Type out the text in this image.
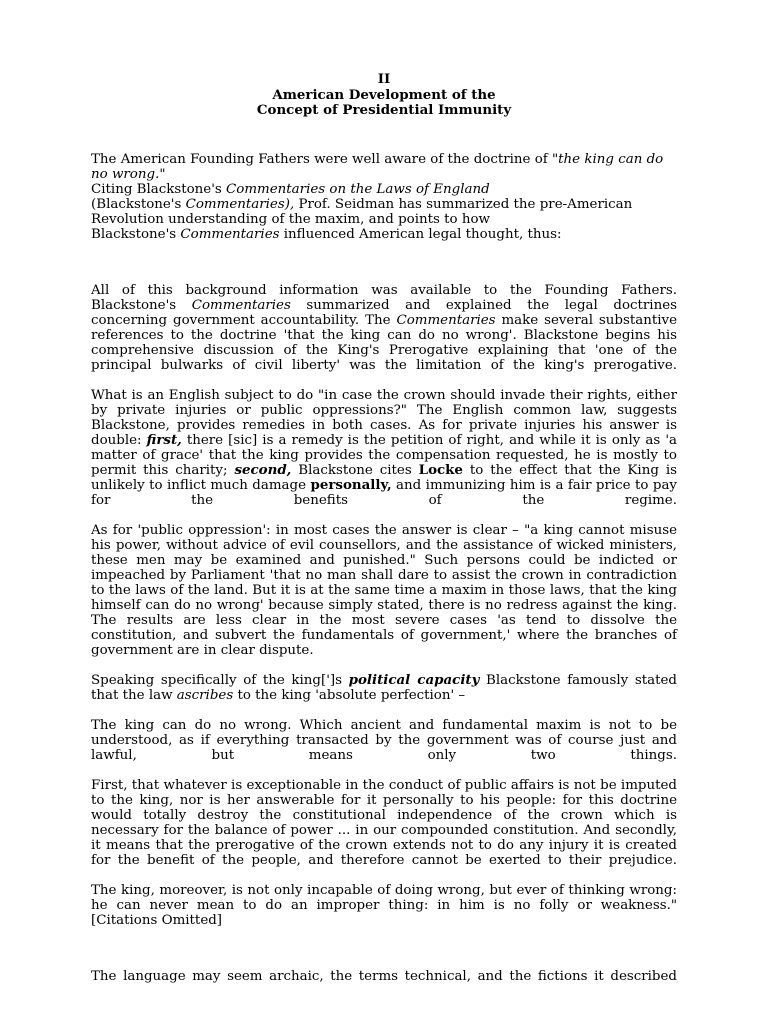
II
American Development of the
Concept of Presidential Immunity
The American Founding Fathers were well aware of the doctrine of "the king can do no wrong."
Citing Blackstone's Commentaries on the Laws of England
(Blackstone's Commentaries), Prof. Seidman has summarized the pre-American Revolution understanding of the maxim, and points to how
Blackstone's Commentaries influenced American legal thought, thus:
All of this background information was available to the Founding Fathers. Blackstone's Commentaries summarized and explained the legal doctrines concerning government accountability. The Commentaries make several substantive references to the doctrine 'that the king can do no wrong'. Blackstone begins his comprehensive discussion of the King's Prerogative explaining that 'one of the principal bulwarks of civil liberty' was the limitation of the king's prerogative.
What is an English subject to do "in case the crown should invade their rights, either by private injuries or public oppressions?" The English common law, suggests Blackstone, provides remedies in both cases. As for private injuries his answer is double: first, there [sic] is a remedy is the petition of right, and while it is only as 'a matter of grace' that the king provides the compensation requested, he is mostly to permit this charity; second, Blackstone cites Locke to the effect that the King is unlikely to inflict much damage personally, and immunizing him is a fair price to pay for the benefits of the regime.
As for 'public oppression': in most cases the answer is clear – "a king cannot misuse his power, without advice of evil counsellors, and the assistance of wicked ministers, these men may be examined and punished." Such persons could be indicted or impeached by Parliament 'that no man shall dare to assist the crown in contradiction to the laws of the land. But it is at the same time a maxim in those laws, that the king himself can do no wrong' because simply stated, there is no redress against the king. The results are less clear in the most severe cases 'as tend to dissolve the constitution, and subvert the fundamentals of government,' where the branches of government are in clear dispute.
Speaking specifically of the king[']s political capacity Blackstone famously stated that the law ascribes to the king 'absolute perfection' –
The king can do no wrong. Which ancient and fundamental maxim is not to be understood, as if everything transacted by the government was of course just and lawful, but means only two things.
First, that whatever is exceptionable in the conduct of public affairs is not be imputed to the king, nor is her answerable for it personally to his people: for this doctrine would totally destroy the constitutional independence of the crown which is necessary for the balance of power ... in our compounded constitution. And secondly, it means that the prerogative of the crown extends not to do any injury it is created for the benefit of the people, and therefore cannot be exerted to their prejudice.
The king, moreover, is not only incapable of doing wrong, but ever of thinking wrong: he can never mean to do an improper thing: in him is no folly or weakness." [Citations Omitted]
The language may seem archaic, the terms technical, and the fictions it described
